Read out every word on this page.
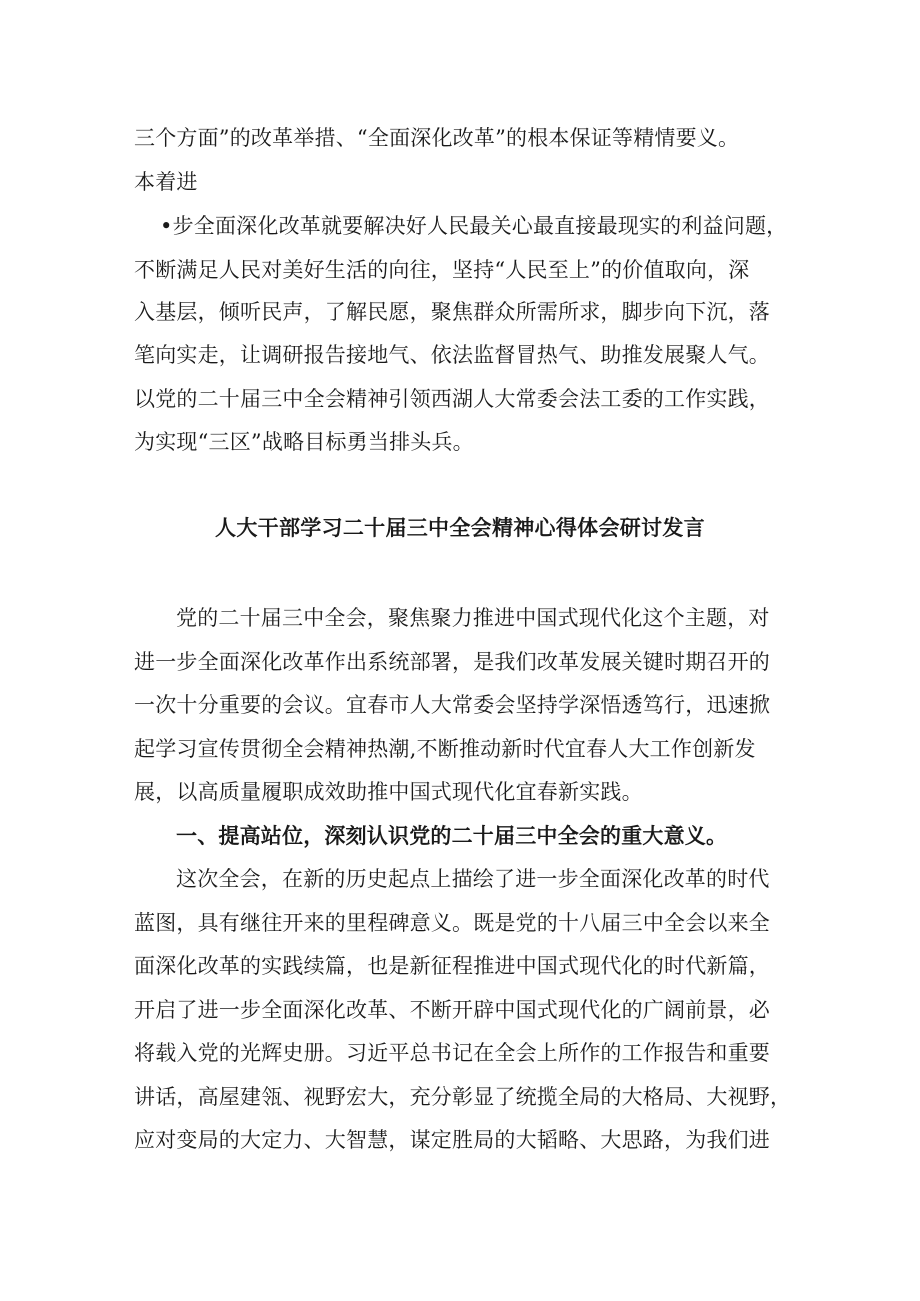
三个方面”的改革举措、“全面深化改革”的根本保证等精情要义。
本着进
•步全面深化改革就要解决好人民最关心最直接最现实的利益问题，
不断满足人民对美好生活的向往，坚持“人民至上”的价值取向，深
入基层，倾听民声，了解民愿，聚焦群众所需所求，脚步向下沉，落
笔向实走，让调研报告接地气、依法监督冒热气、助推发展聚人气。
以党的二十届三中全会精神引领西湖人大常委会法工委的工作实践，
为实现“三区”战略目标勇当排头兵。
人大干部学习二十届三中全会精神心得体会研讨发言
党的二十届三中全会，聚焦聚力推进中国式现代化这个主题，对
进一步全面深化改革作出系统部署，是我们改革发展关键时期召开的
一次十分重要的会议。宜春市人大常委会坚持学深悟透笃行，迅速掀
起学习宣传贯彻全会精神热潮,不断推动新时代宜春人大工作创新发
展，以高质量履职成效助推中国式现代化宜春新实践。
一、提高站位，深刻认识党的二十届三中全会的重大意义。
这次全会，在新的历史起点上描绘了进一步全面深化改革的时代
蓝图，具有继往开来的里程碑意义。既是党的十八届三中全会以来全
面深化改革的实践续篇，也是新征程推进中国式现代化的时代新篇，
开启了进一步全面深化改革、不断开辟中国式现代化的广阔前景，必
将载入党的光辉史册。习近平总书记在全会上所作的工作报告和重要
讲话，高屋建瓴、视野宏大，充分彰显了统揽全局的大格局、大视野，
应对变局的大定力、大智慧，谋定胜局的大韬略、大思路，为我们进
